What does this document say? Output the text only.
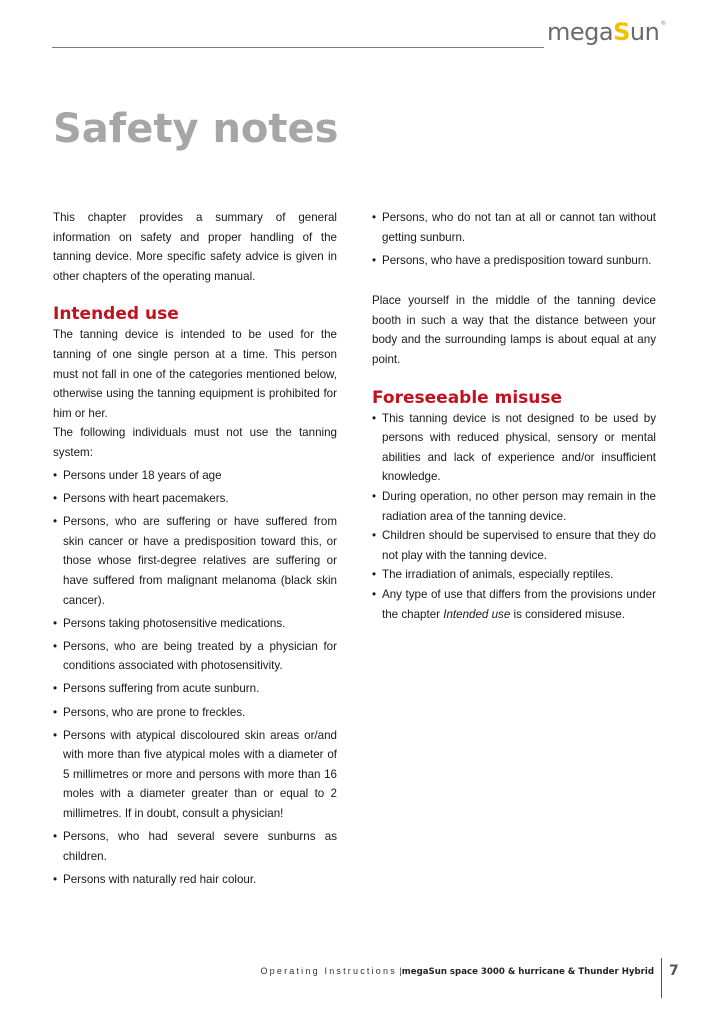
megaSun®
Safety notes

This chapter provides a summary of general information on safety and proper handling of the tanning device. More specific safety advice is given in other chapters of the operating manual.

Intended use

The tanning device is intended to be used for the tanning of one single person at a time. This person must not fall in one of the categories mentioned below, otherwise using the tanning equipment is prohibited for him or her.

The following individuals must not use the tanning system:

• Persons under 18 years of age
• Persons with heart pacemakers.
• Persons, who are suffering or have suffered from skin cancer or have a predisposition toward this, or those whose first-degree relatives are suffering or have suffered from malignant melanoma (black skin cancer).
• Persons taking photosensitive medications.
• Persons, who are being treated by a physician for conditions associated with photosensitivity.
• Persons suffering from acute sunburn.
• Persons, who are prone to freckles.
• Persons with atypical discoloured skin areas or/and with more than five atypical moles with a diameter of 5 millimetres or more and persons with more than 16 moles with a diameter greater than or equal to 2 millimetres. If in doubt, consult a physician!
• Persons, who had several severe sunburns as children.
• Persons with naturally red hair colour.
• Persons, who do not tan at all or cannot tan without getting sunburn.
• Persons, who have a predisposition toward sunburn.

Place yourself in the middle of the tanning device booth in such a way that the distance between your body and the surrounding lamps is about equal at any point.

Foreseeable misuse
• This tanning device is not designed to be used by persons with reduced physical, sensory or mental abilities and lack of experience and/or insufficient knowledge.
• During operation, no other person may remain in the radiation area of the tanning device.
• Children should be supervised to ensure that they do not play with the tanning device.
• The irradiation of animals, especially reptiles.
• Any type of use that differs from the provisions under the chapter Intended use is considered misuse.
Operating Instructions |megaSun space 3000 & hurricane & Thunder Hybrid 7
